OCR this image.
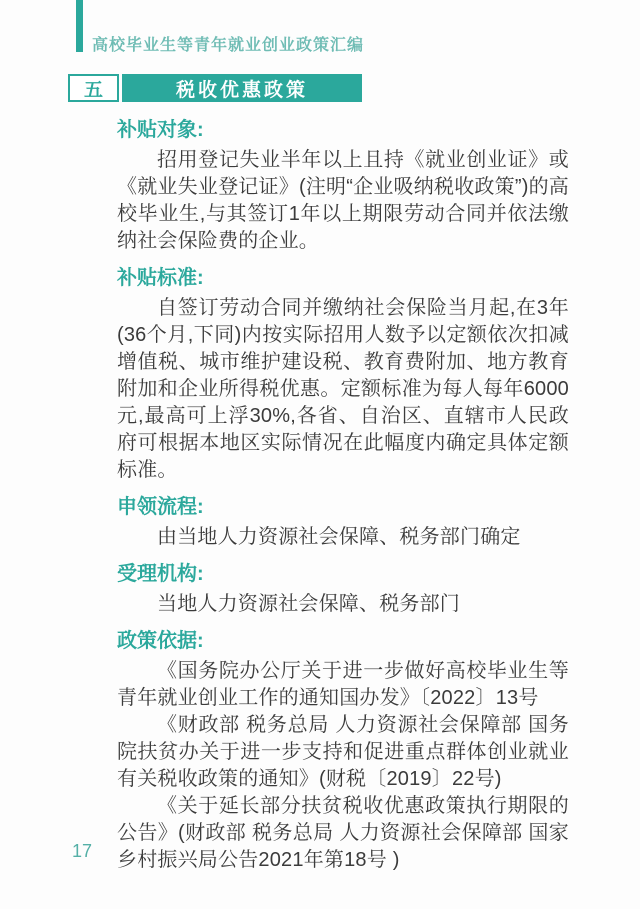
高校毕业生等青年就业创业政策汇编
五	税收优惠政策
补贴对象:

招用登记失业半年以上且持《就业创业证》或《就业失业登记证》(注明“企业吸纳税收政策”)的高校毕业生,与其签订1年以上期限劳动合同并依法缴纳社会保险费的企业。

补贴标准:

自签订劳动合同并缴纳社会保险当月起,在3年(36个月,下同)内按实际招用人数予以定额依次扣减增值税、城市维护建设税、教育费附加、地方教育附加和企业所得税优惠。定额标准为每人每年6000元,最高可上浮30%,各省、自治区、直辖市人民政府可根据本地区实际情况在此幅度内确定具体定额标准。

申领流程:

由当地人力资源社会保障、税务部门确定

受理机构:

当地人力资源社会保障、税务部门

政策依据:

《国务院办公厅关于进一步做好高校毕业生等青年就业创业工作的通知国办发》〔2022〕13号

《财政部 税务总局 人力资源社会保障部 国务院扶贫办关于进一步支持和促进重点群体创业就业有关税收政策的通知》(财税〔2019〕22号)

《关于延长部分扶贫税收优惠政策执行期限的公告》(财政部 税务总局 人力资源社会保障部 国家乡村振兴局公告2021年第18号 )

17
